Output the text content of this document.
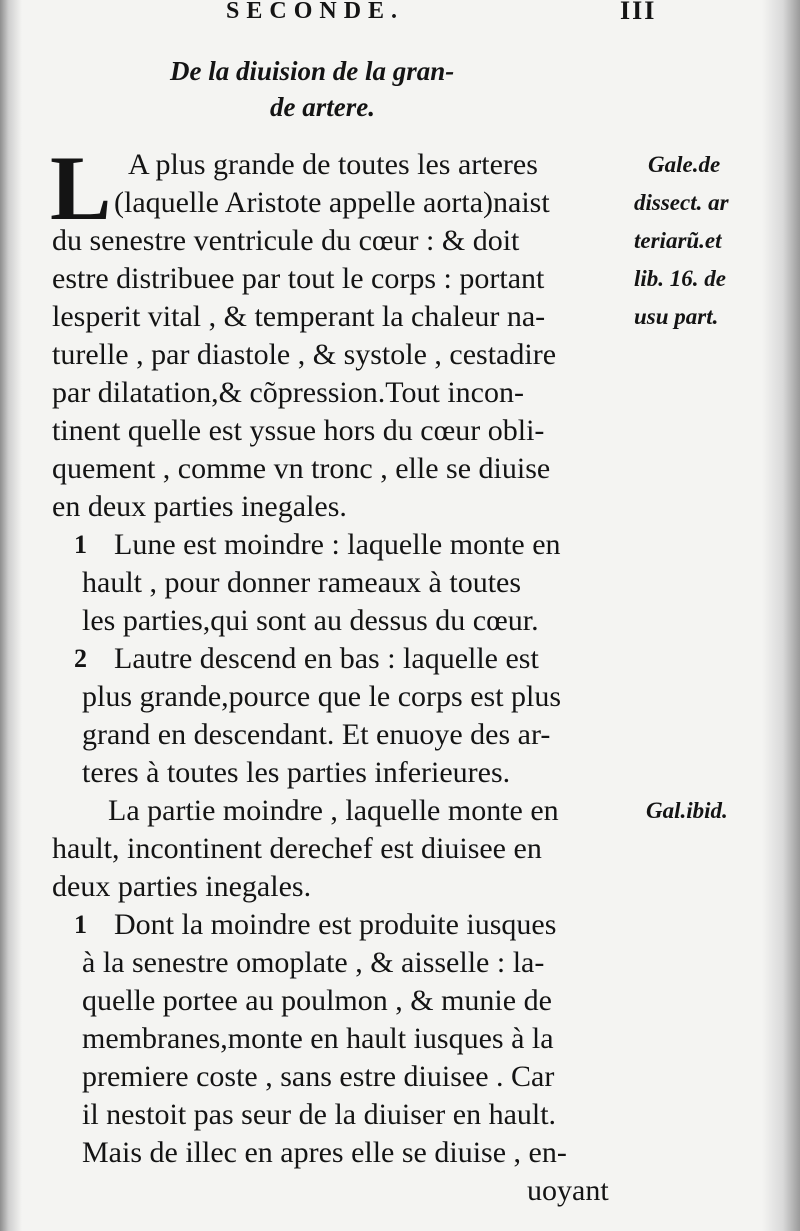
SECONDE.	III
De la diuision de la gran-
de artere.
L A plus grande de toutes les arteres
(laquelle Aristote appelle aorta)naist
du senestre ventricule du cœur : & doit
estre distribuee par tout le corps : portant
lesperit vital , & temperant la chaleur na-
turelle , par diastole , & systole , cestadire
par dilatation,& cõpression.Tout incon-
tinent quelle est yssue hors du cœur obli-
quement , comme vn tronc , elle se diuise
en deux parties inegales.
1 Lune est moindre : laquelle monte en
hault , pour donner rameaux à toutes
les parties,qui sont au dessus du cœur.
2 Lautre descend en bas : laquelle est
plus grande,pource que le corps est plus
grand en descendant. Et enuoye des ar-
teres à toutes les parties inferieures.
La partie moindre , laquelle monte en
hault, incontinent derechef est diuisee en
deux parties inegales.
1 Dont la moindre est produite iusques
à la senestre omoplate , & aisselle : la-
quelle portee au poulmon , & munie de
membranes,monte en hault iusques à la
premiere coste , sans estre diuisee . Car
il nestoit pas seur de la diuiser en hault.
Mais de illec en apres elle se diuise , en-
uoyant
Gale.de
dissect. ar
teriarũ.et
lib. 16. de
usu part.
Gal.ibid.
